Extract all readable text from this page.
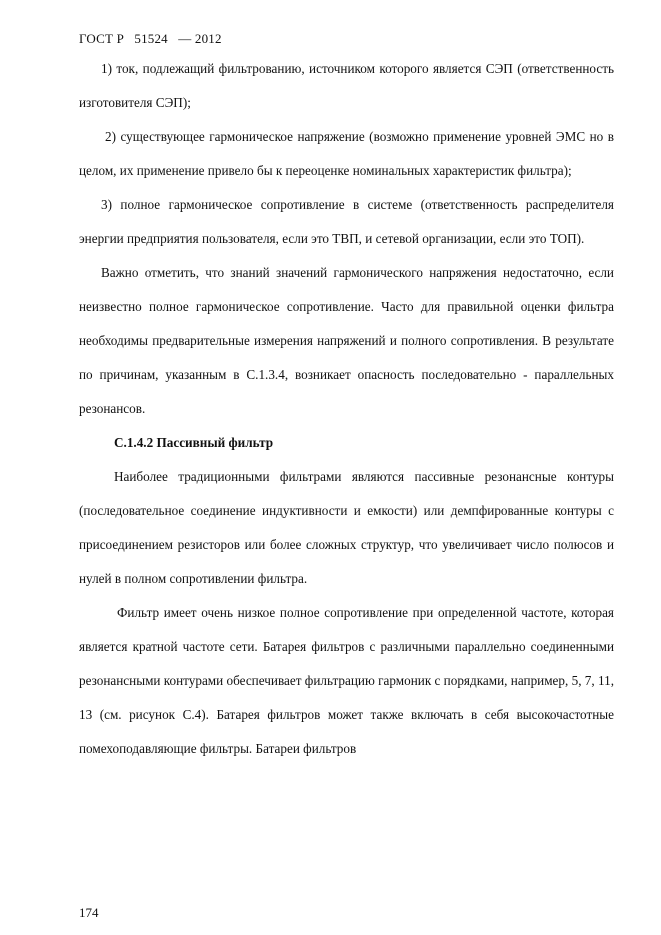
ГОСТ Р   51524   — 2012

1) ток, подлежащий фильтрованию, источником которого является СЭП (ответственность изготовителя СЭП);

2) существующее гармоническое напряжение (возможно применение уровней ЭМС но в целом, их применение привело бы к переоценке номинальных характеристик фильтра);

3) полное гармоническое сопротивление в системе (ответственность распределителя энергии предприятия пользователя, если это ТВП, и сетевой организации, если это ТОП).

Важно отметить, что знаний значений гармонического напряжения недостаточно, если неизвестно полное гармоническое сопротивление. Часто для правильной оценки фильтра необходимы предварительные измерения напряжений и полного сопротивления. В результате по причинам, указанным в С.1.3.4, возникает опасность последовательно - параллельных резонансов.

С.1.4.2 Пассивный фильтр

Наиболее традиционными фильтрами являются пассивные резонансные контуры (последовательное соединение индуктивности и емкости) или демпфированные контуры с присоединением резисторов или более сложных структур, что увеличивает число полюсов и нулей в полном сопротивлении фильтра.

Фильтр имеет очень низкое полное сопротивление при определенной частоте, которая является кратной частоте сети. Батарея фильтров с различными параллельно соединенными резонансными контурами обеспечивает фильтрацию гармоник с порядками, например, 5, 7, 11, 13 (см. рисунок С.4). Батарея фильтров может также включать в себя высокочастотные помехоподавляющие фильтры. Батареи фильтров

174
